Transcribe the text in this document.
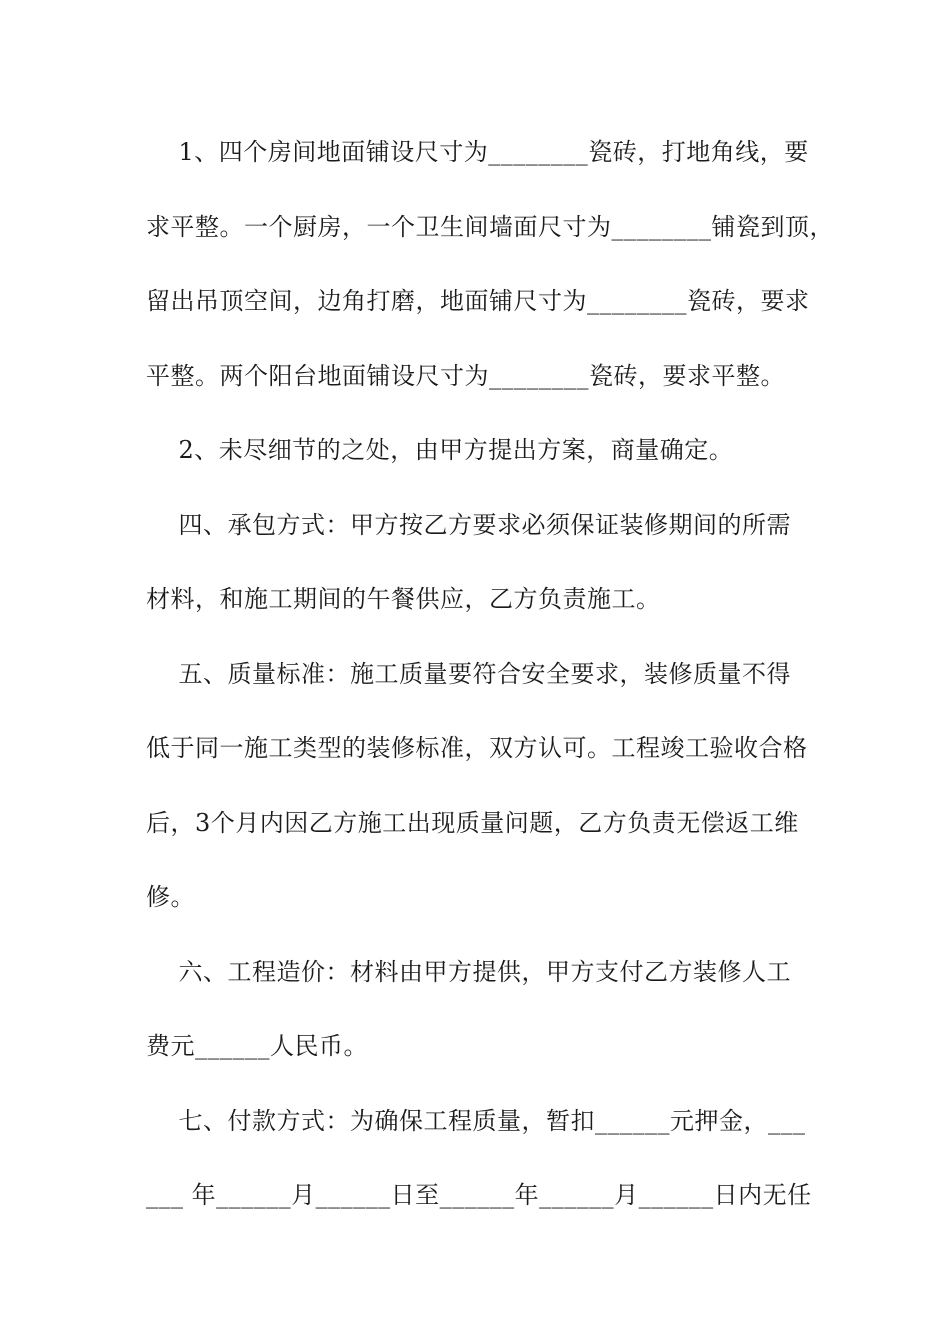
1、四个房间地面铺设尺寸为________瓷砖，打地角线，要
求平整。一个厨房，一个卫生间墙面尺寸为________铺瓷到顶，
留出吊顶空间，边角打磨，地面铺尺寸为________瓷砖，要求
平整。两个阳台地面铺设尺寸为________瓷砖，要求平整。
2、未尽细节的之处，由甲方提出方案，商量确定。
四、承包方式：甲方按乙方要求必须保证装修期间的所需
材料，和施工期间的午餐供应，乙方负责施工。
五、质量标准：施工质量要符合安全要求，装修质量不得
低于同一施工类型的装修标准，双方认可。工程竣工验收合格
后，3个月内因乙方施工出现质量问题，乙方负责无偿返工维
修。
六、工程造价：材料由甲方提供，甲方支付乙方装修人工
费元______人民币。
七、付款方式：为确保工程质量，暂扣______元押金，___
___ 年______月______日至______年______月______日内无任
